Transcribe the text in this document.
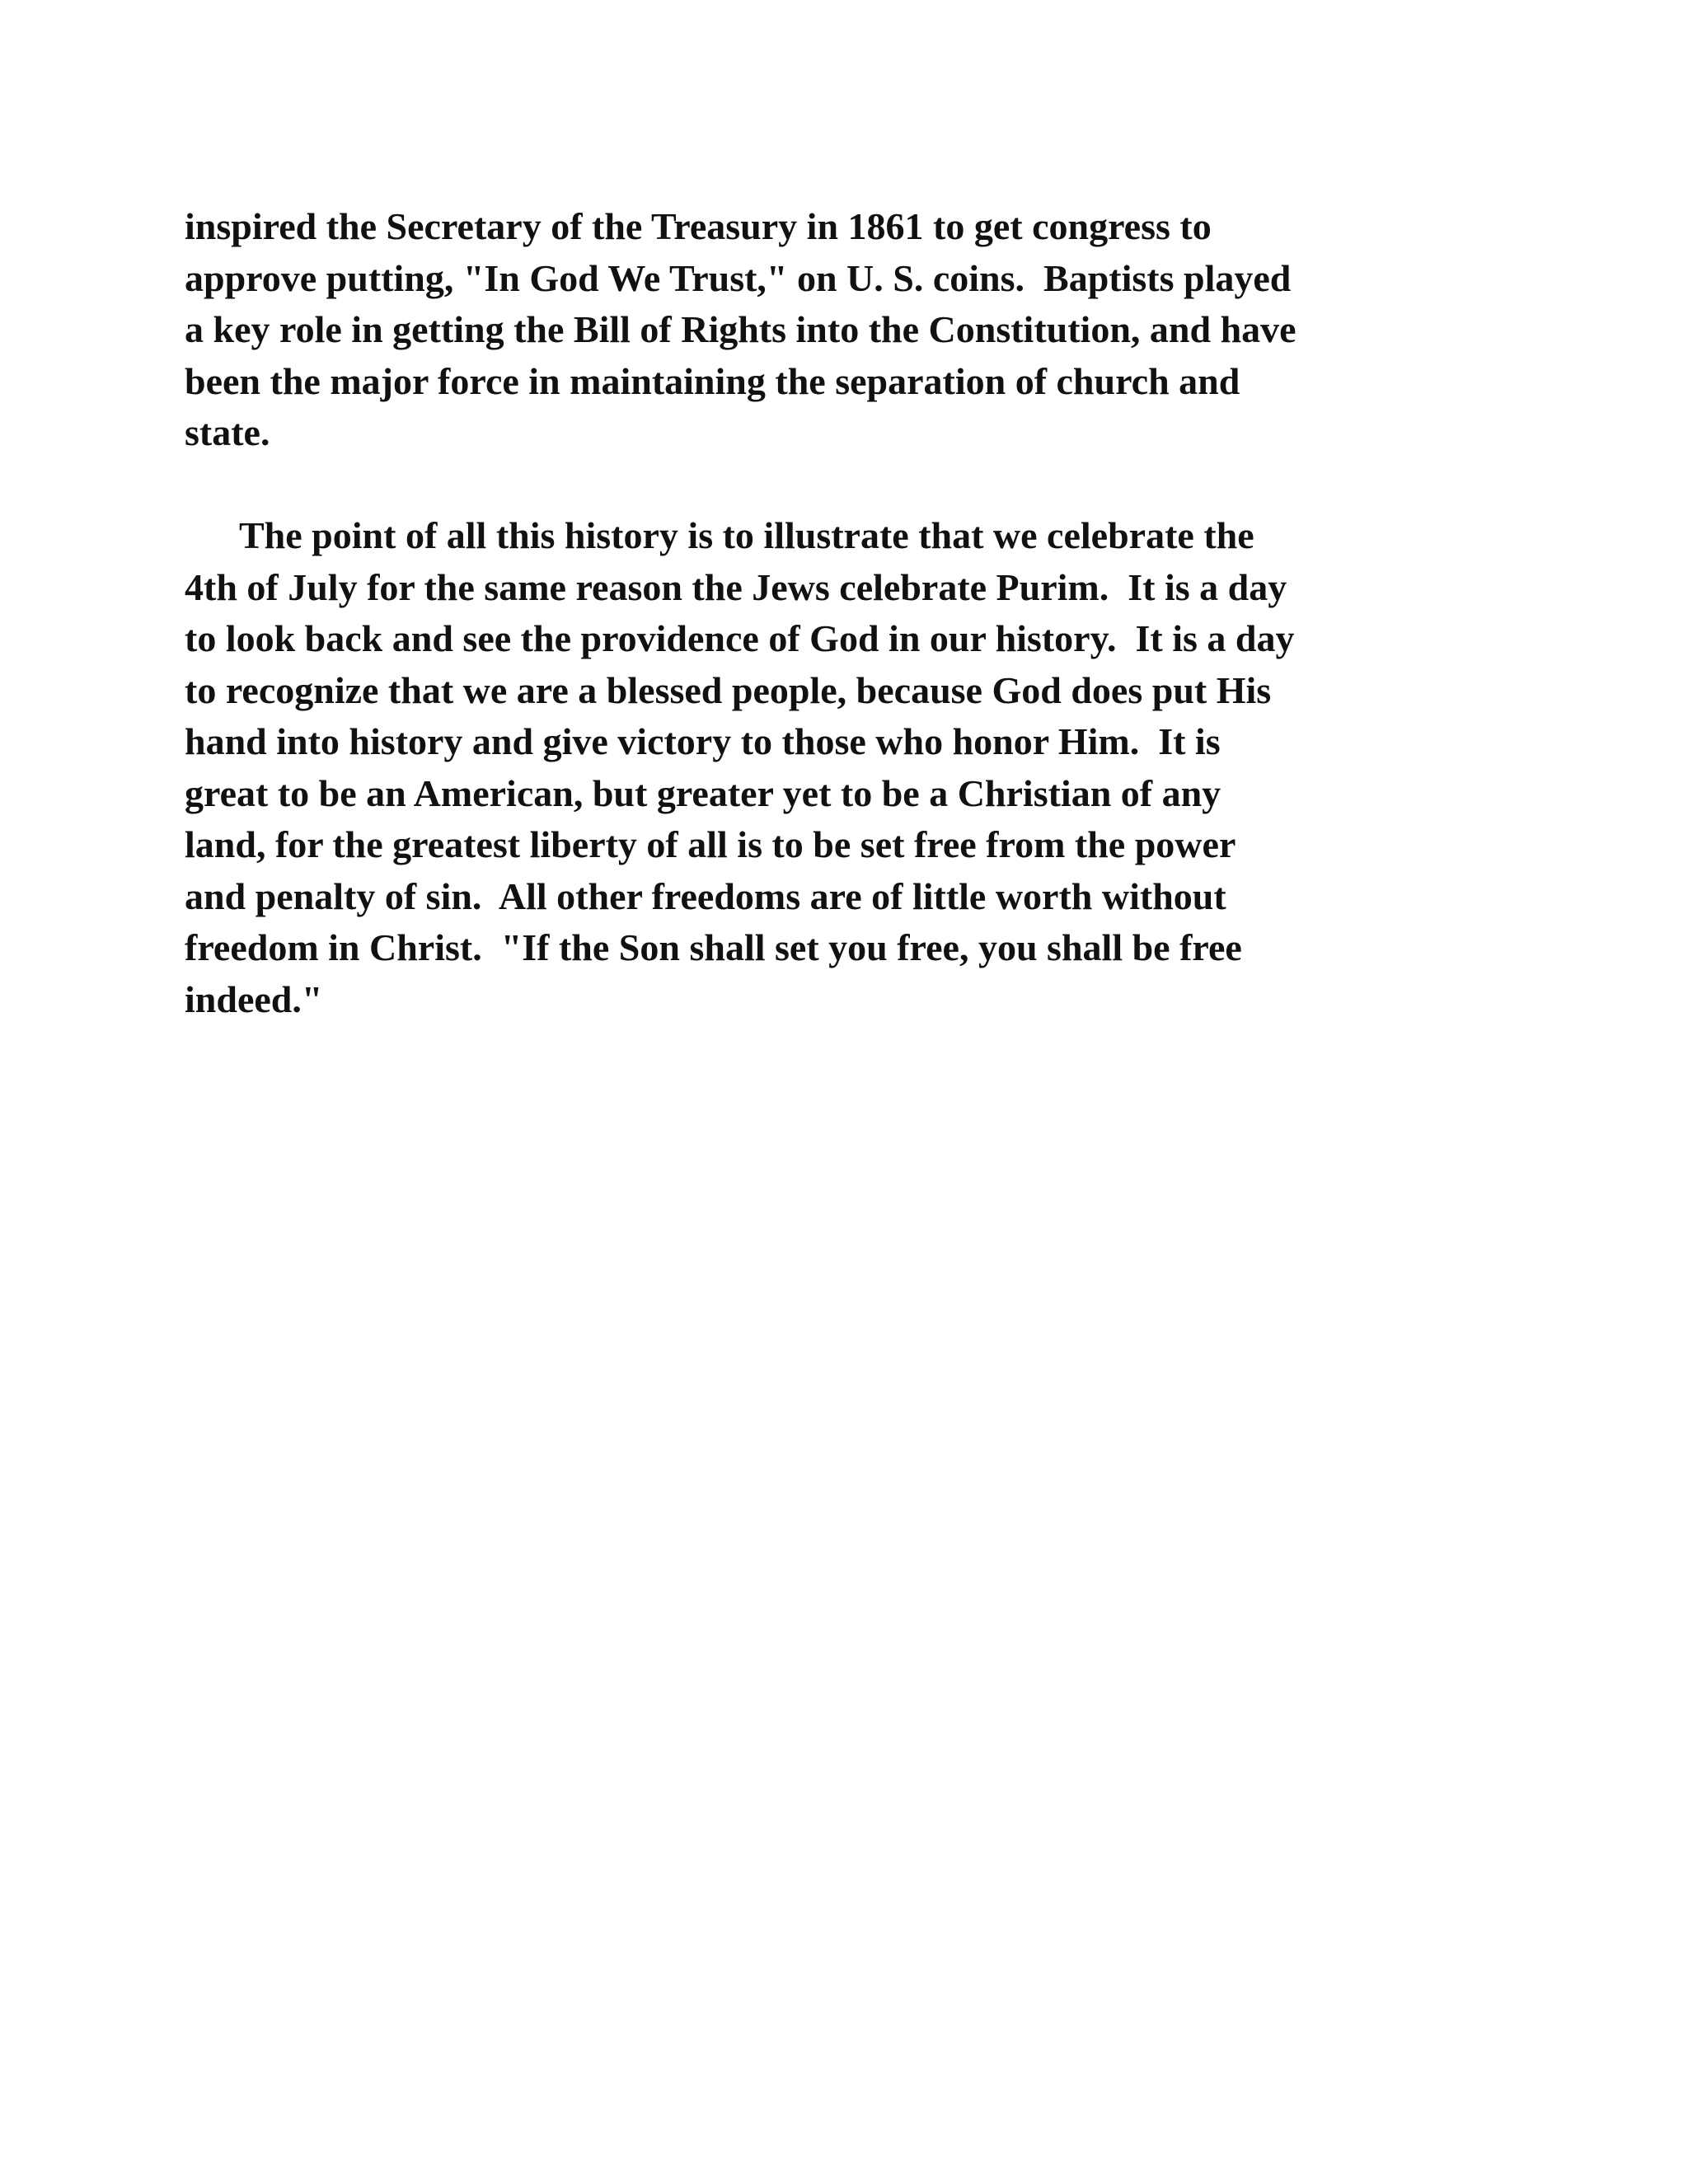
inspired the Secretary of the Treasury in 1861 to get congress to
approve putting, "In God We Trust," on U. S. coins.  Baptists played
a key role in getting the Bill of Rights into the Constitution, and have
been the major force in maintaining the separation of church and
state.
The point of all this history is to illustrate that we celebrate the
4th of July for the same reason the Jews celebrate Purim.  It is a day
to look back and see the providence of God in our history.  It is a day
to recognize that we are a blessed people, because God does put His
hand into history and give victory to those who honor Him.  It is
great to be an American, but greater yet to be a Christian of any
land, for the greatest liberty of all is to be set free from the power
and penalty of sin.  All other freedoms are of little worth without
freedom in Christ.  "If the Son shall set you free, you shall be free
indeed."
